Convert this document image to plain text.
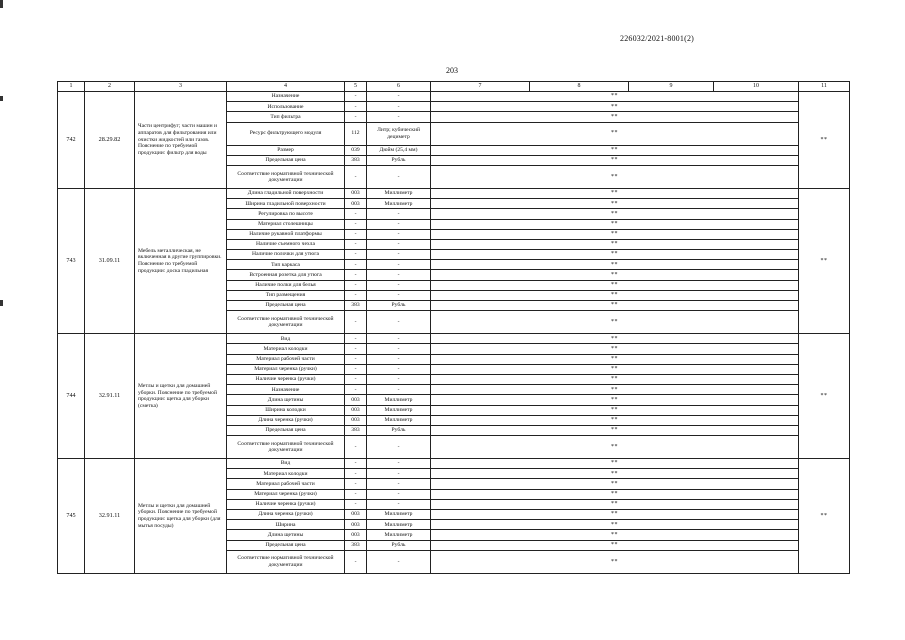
226032/2021-8001(2)
203
1	2	3	4	5	6	7	8	9	10	11
742	28.29.82	Части центрифуг; части машин и аппаратов для фильтрования или очистки жидкостей или газов. Пояснение по требуемой продукции: фильтр для воды	Назначение	-	-	**				**
			Использование	-	-	**				
			Тип фильтра	-	-	**				
			Ресурс фильтрующего модуля	112	Литр; кубический дециметр	**				
			Размер	039	Дюйм (25,4 мм)	**				
			Предельная цена	383	Рубль	**				
			Соответствие нормативной технической документации	-	-	**				
743	31.09.11	Мебель металлическая, не включенная в другие группировки. Пояснение по требуемой продукции: доска гладильная	Длина гладильной поверхности	003	Миллиметр	**				**
			Ширина гладильной поверхности	003	Миллиметр	**				
			Регулировка по высоте	-	-	**				
			Материал столешницы	-	-	**				
			Наличие рукавной платформы	-	-	**				
			Наличие съемного чехла	-	-	**				
			Наличие полочки для утюга	-	-	**				
			Тип каркаса	-	-	**				
			Встроенная розетка для утюга	-	-	**				
			Наличие полки для белья	-	-	**				
			Тип размещения	-	-	**				
			Предельная цена	383	Рубль	**				
			Соответствие нормативной технической документации	-	-	**				
744	32.91.11	Метлы и щетки для домашней уборки. Пояснение по требуемой продукции: щетка для уборки (сметка)	Вид	-	-	**				**
			Материал колодки	-	-	**				
			Материал рабочей части	-	-	**				
			Материал черенка (ручки)	-	-	**				
			Наличие черенка (ручки)	-	-	**				
			Назначение	-	-	**				
			Длина щетины	003	Миллиметр	**				
			Ширина колодки	003	Миллиметр	**				
			Длина черенка (ручки)	003	Миллиметр	**				
			Предельная цена	383	Рубль	**				
			Соответствие нормативной технической документации	-	-	**				
745	32.91.11	Метлы и щетки для домашней уборки. Пояснение по требуемой продукции: щетка для уборки (для мытья посуды)	Вид	-	-	**				**
			Материал колодки	-	-	**				
			Материал рабочей части	-	-	**				
			Материал черенка (ручки)	-	-	**				
			Наличие черенка (ручки)	-	-	**				
			Длина черенка (ручки)	003	Миллиметр	**				
			Ширина	003	Миллиметр	**				
			Длина щетины	003	Миллиметр	**				
			Предельная цена	383	Рубль	**				
			Соответствие нормативной технической документации	-	-	**				
